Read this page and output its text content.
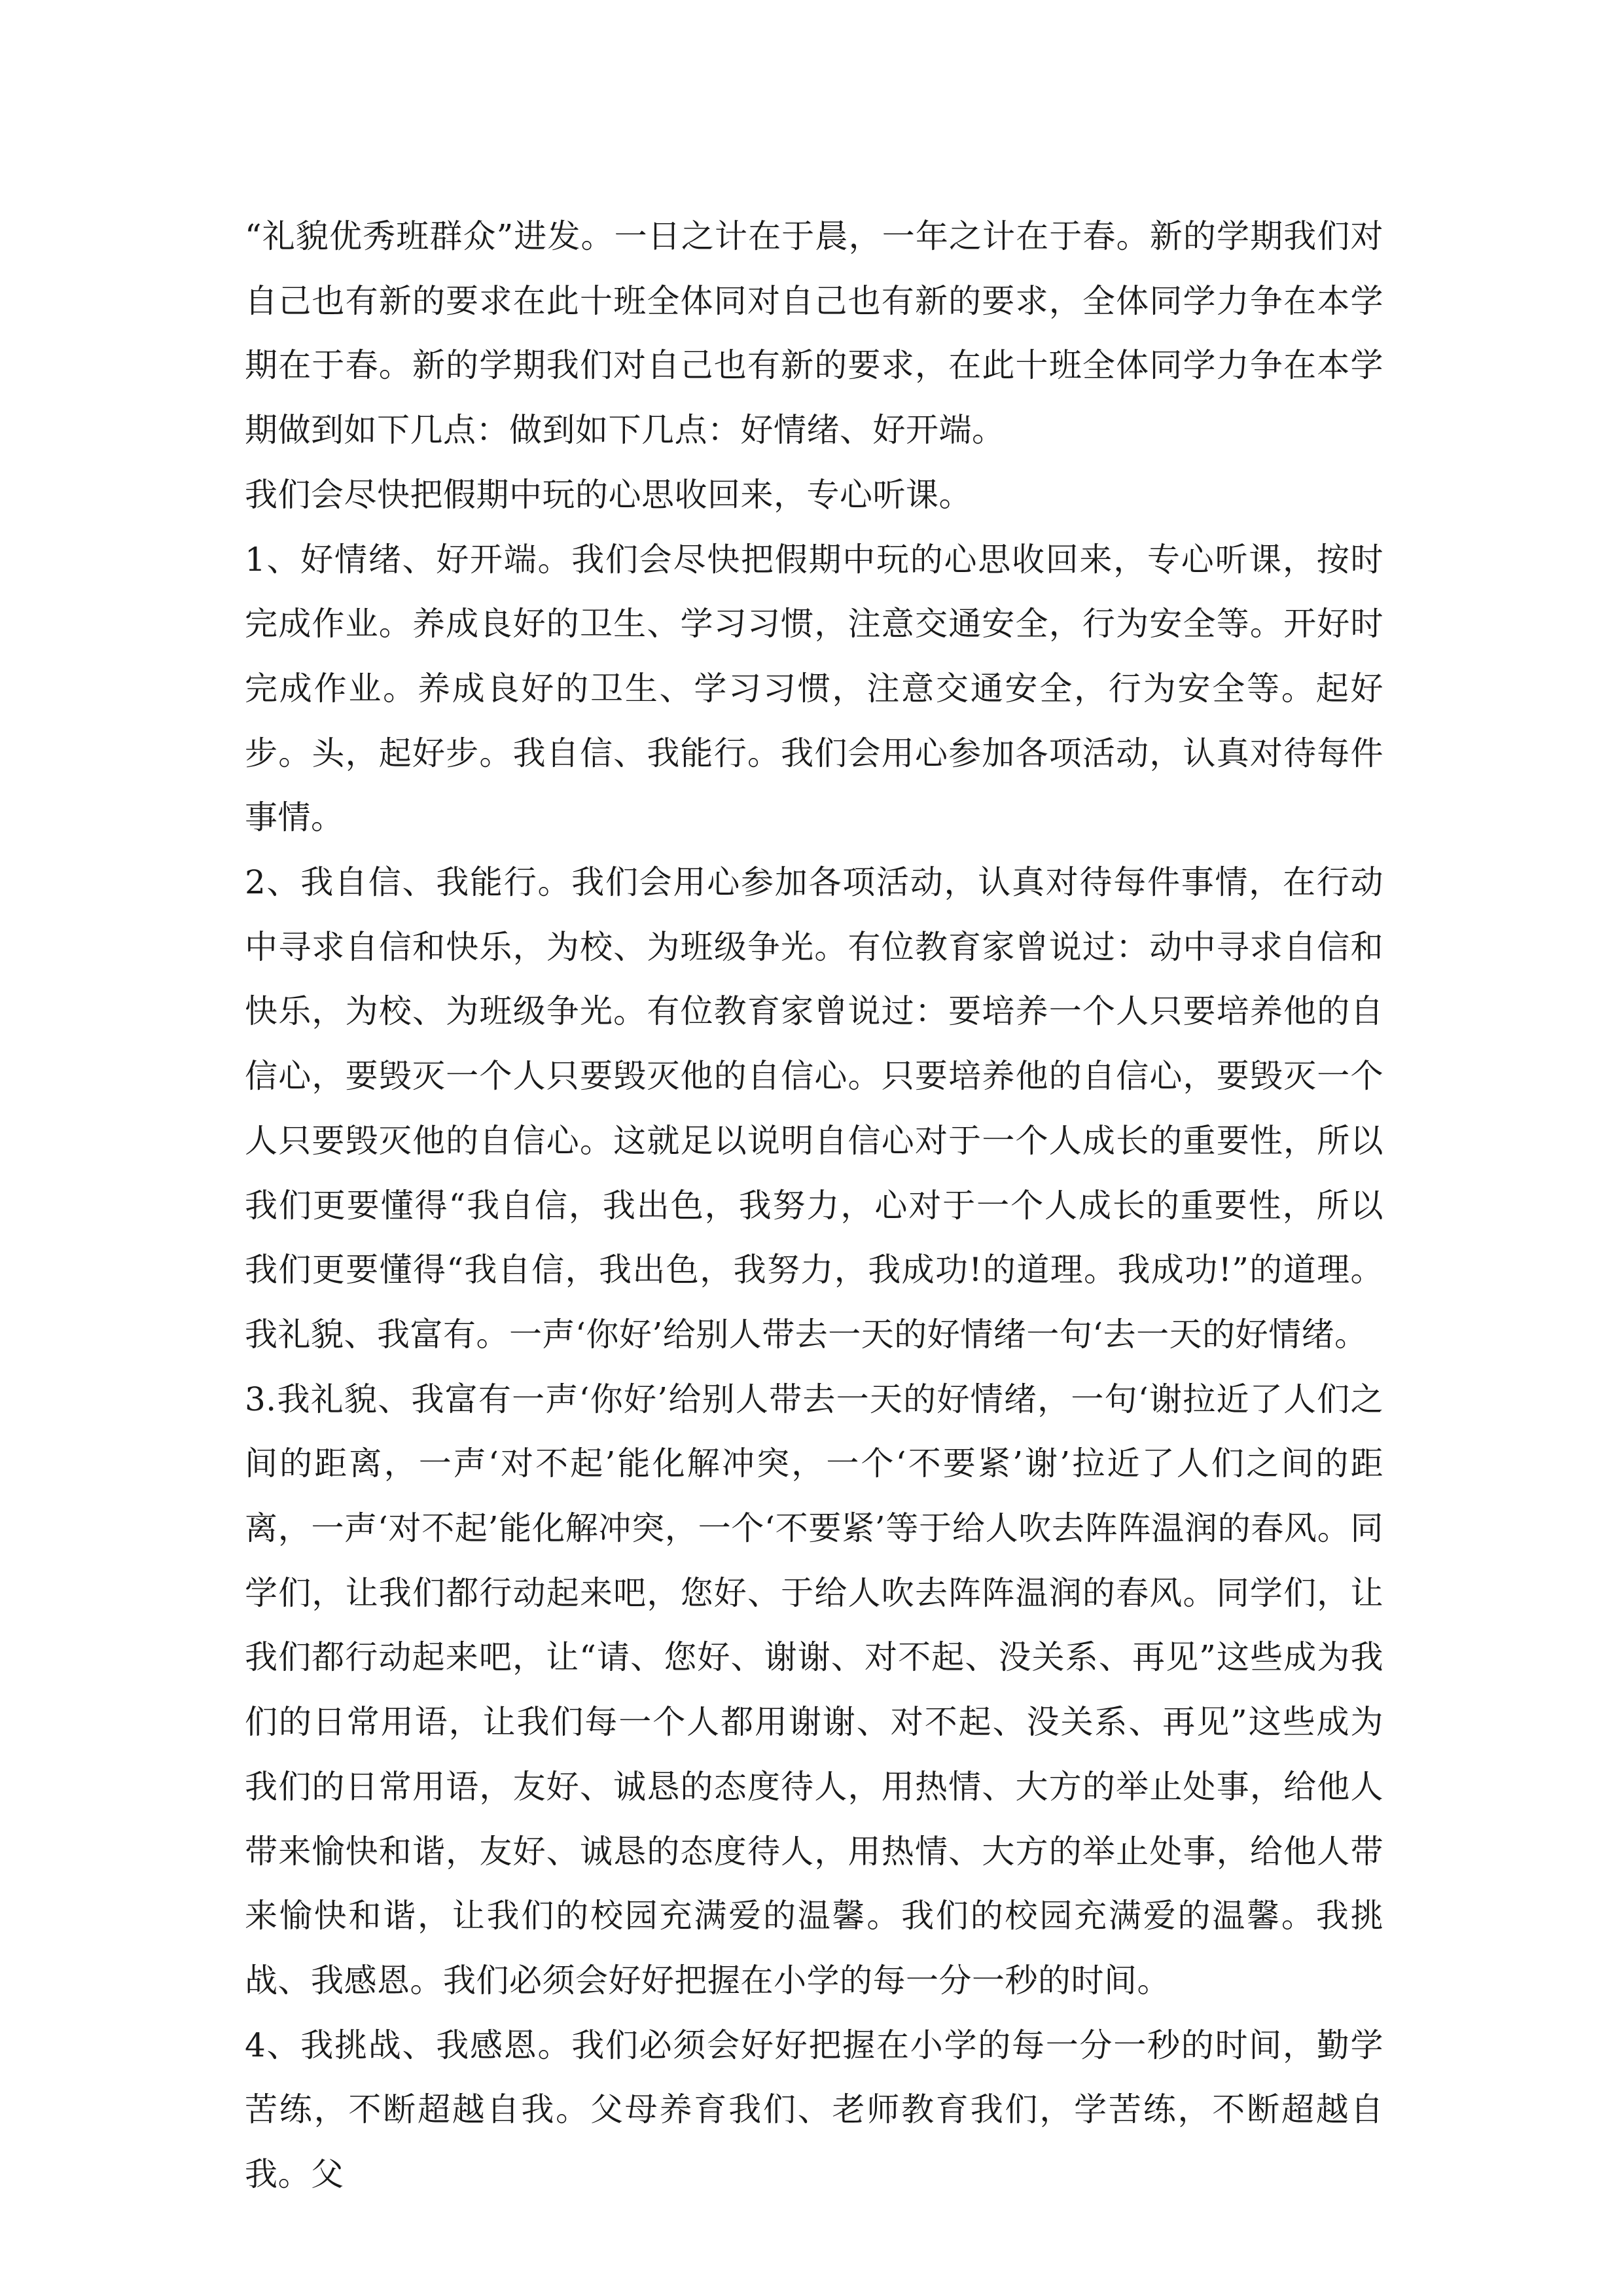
“礼貌优秀班群众”进发。一日之计在于晨，一年之计在于春。新的学期我们对自己也有新的要求在此十班全体同对自己也有新的要求，全体同学力争在本学期在于春。新的学期我们对自己也有新的要求，在此十班全体同学力争在本学期做到如下几点：做到如下几点：好情绪、好开端。

我们会尽快把假期中玩的心思收回来，专心听课。

1、好情绪、好开端。我们会尽快把假期中玩的心思收回来，专心听课，按时完成作业。养成良好的卫生、学习习惯，注意交通安全，行为安全等。开好时完成作业。养成良好的卫生、学习习惯，注意交通安全，行为安全等。起好步。头，起好步。我自信、我能行。我们会用心参加各项活动，认真对待每件事情。

2、我自信、我能行。我们会用心参加各项活动，认真对待每件事情，在行动中寻求自信和快乐，为校、为班级争光。有位教育家曾说过：动中寻求自信和快乐，为校、为班级争光。有位教育家曾说过：要培养一个人只要培养他的自信心，要毁灭一个人只要毁灭他的自信心。只要培养他的自信心，要毁灭一个人只要毁灭他的自信心。这就足以说明自信心对于一个人成长的重要性，所以我们更要懂得“我自信，我出色，我努力，心对于一个人成长的重要性，所以我们更要懂得“我自信，我出色，我努力，我成功!的道理。我成功!”的道理。我礼貌、我富有。一声‘你好’给别人带去一天的好情绪一句‘去一天的好情绪。

3.我礼貌、我富有一声‘你好’给别人带去一天的好情绪，一句‘谢拉近了人们之间的距离，一声‘对不起’能化解冲突，一个‘不要紧’谢’拉近了人们之间的距离，一声‘对不起’能化解冲突，一个‘不要紧’等于给人吹去阵阵温润的春风。同学们，让我们都行动起来吧，您好、于给人吹去阵阵温润的春风。同学们，让我们都行动起来吧，让“请、您好、谢谢、对不起、没关系、再见”这些成为我们的日常用语，让我们每一个人都用谢谢、对不起、没关系、再见”这些成为我们的日常用语，友好、诚恳的态度待人，用热情、大方的举止处事，给他人带来愉快和谐，友好、诚恳的态度待人，用热情、大方的举止处事，给他人带来愉快和谐，让我们的校园充满爱的温馨。我们的校园充满爱的温馨。我挑战、我感恩。我们必须会好好把握在小学的每一分一秒的时间。

4、我挑战、我感恩。我们必须会好好把握在小学的每一分一秒的时间，勤学苦练，不断超越自我。父母养育我们、老师教育我们，学苦练，不断超越自我。父
